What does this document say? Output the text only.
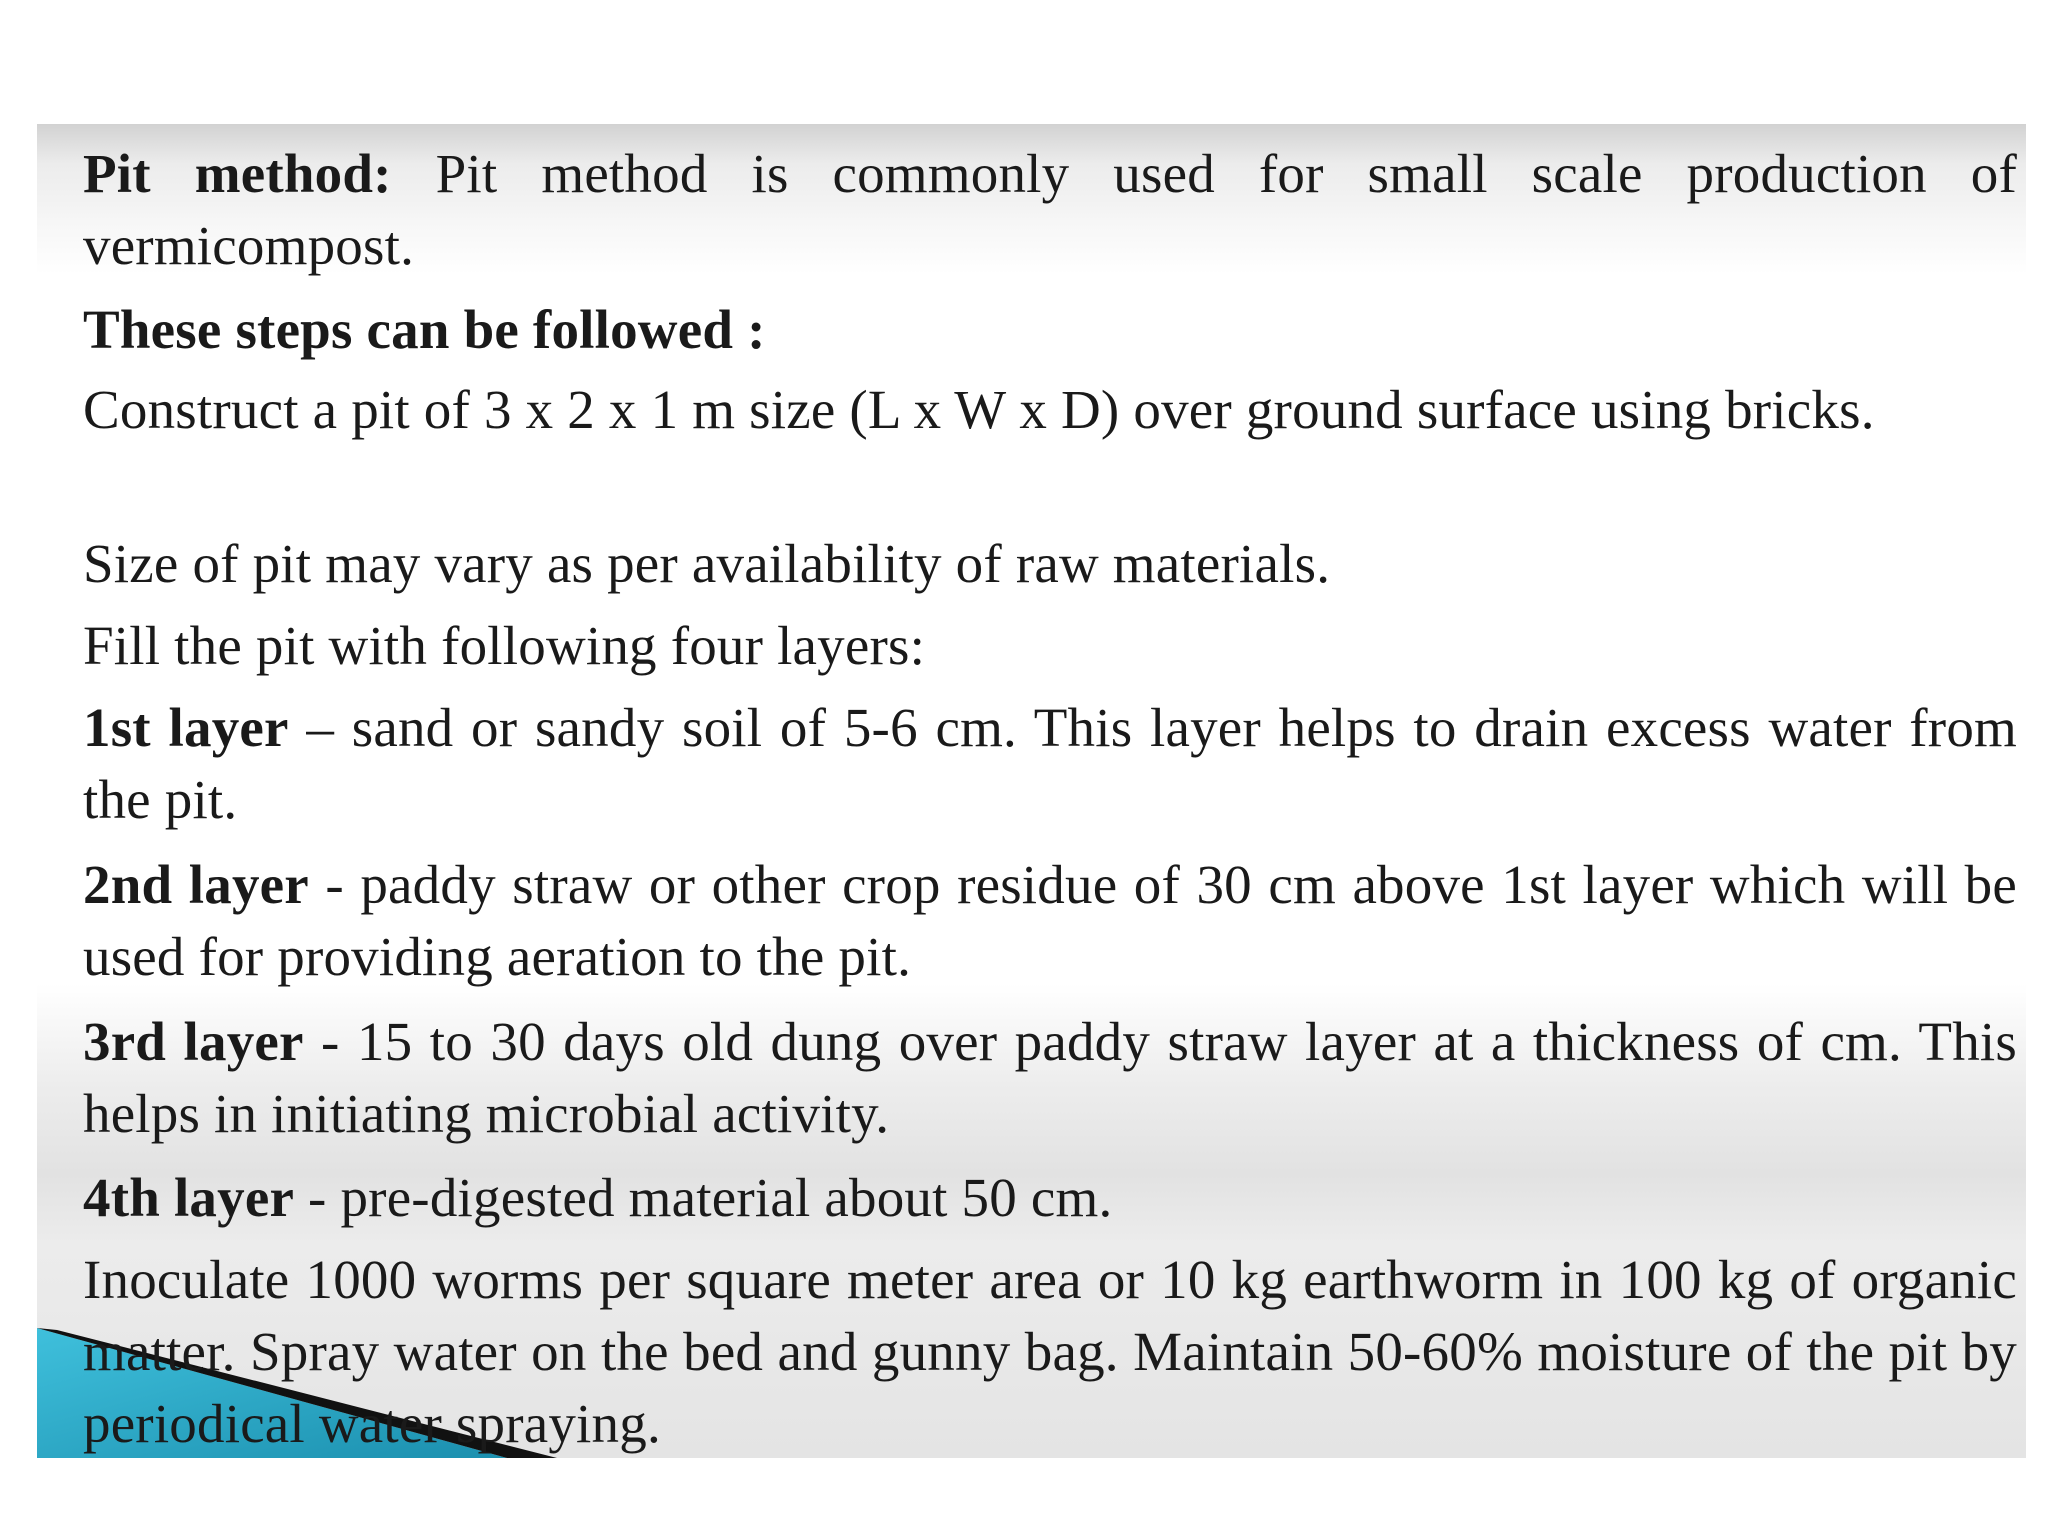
Pit method: Pit method is commonly used for small scale production of vermicompost.

These steps can be followed :

Construct a pit of 3 x 2 x 1 m size (L x W x D) over ground surface using bricks.

Size of pit may vary as per availability of raw materials.

Fill the pit with following four layers:

1st layer – sand or sandy soil of 5-6 cm. This layer helps to drain excess water from the pit.

2nd layer - paddy straw or other crop residue of 30 cm above 1st layer which will be used for providing aeration to the pit.

3rd layer - 15 to 30 days old dung over paddy straw layer at a thickness of cm. This helps in initiating microbial activity.

4th layer - pre-digested material about 50 cm.

Inoculate 1000 worms per square meter area or 10 kg earthworm in 100 kg of organic matter. Spray water on the bed and gunny bag. Maintain 50-60% moisture of the pit by periodical water spraying.
